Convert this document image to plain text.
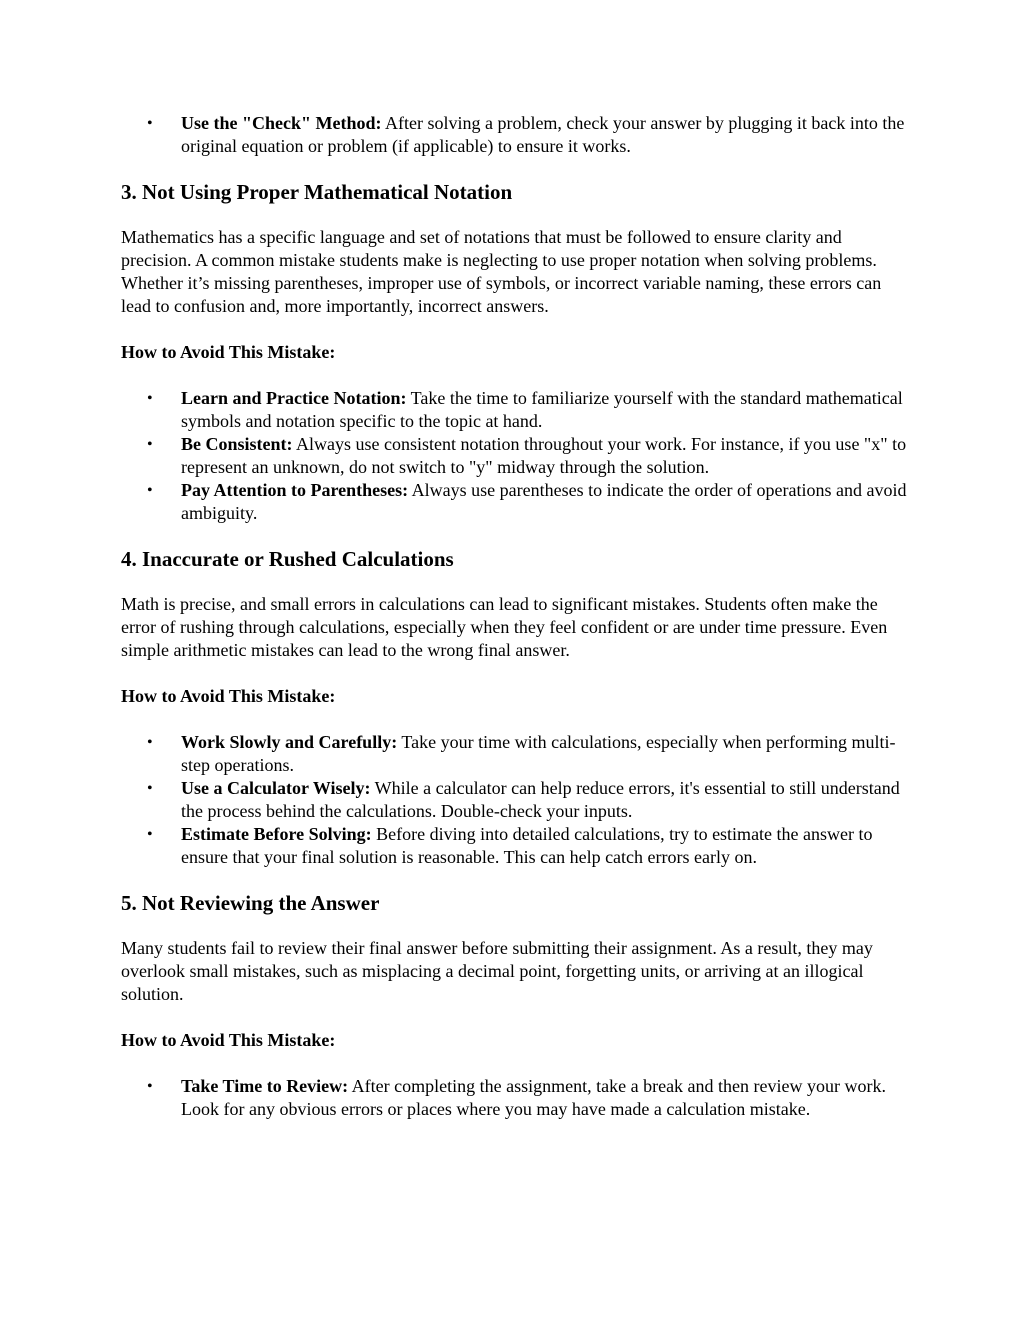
• Use the "Check" Method: After solving a problem, check your answer by plugging it back into the original equation or problem (if applicable) to ensure it works.
3. Not Using Proper Mathematical Notation

Mathematics has a specific language and set of notations that must be followed to ensure clarity and precision. A common mistake students make is neglecting to use proper notation when solving problems. Whether it’s missing parentheses, improper use of symbols, or incorrect variable naming, these errors can lead to confusion and, more importantly, incorrect answers.

How to Avoid This Mistake:

• Learn and Practice Notation: Take the time to familiarize yourself with the standard mathematical symbols and notation specific to the topic at hand.
• Be Consistent: Always use consistent notation throughout your work. For instance, if you use "x" to represent an unknown, do not switch to "y" midway through the solution.
• Pay Attention to Parentheses: Always use parentheses to indicate the order of operations and avoid ambiguity.
4. Inaccurate or Rushed Calculations

Math is precise, and small errors in calculations can lead to significant mistakes. Students often make the error of rushing through calculations, especially when they feel confident or are under time pressure. Even simple arithmetic mistakes can lead to the wrong final answer.

How to Avoid This Mistake:

• Work Slowly and Carefully: Take your time with calculations, especially when performing multi-step operations.
• Use a Calculator Wisely: While a calculator can help reduce errors, it's essential to still understand the process behind the calculations. Double-check your inputs.
• Estimate Before Solving: Before diving into detailed calculations, try to estimate the answer to ensure that your final solution is reasonable. This can help catch errors early on.
5. Not Reviewing the Answer

Many students fail to review their final answer before submitting their assignment. As a result, they may overlook small mistakes, such as misplacing a decimal point, forgetting units, or arriving at an illogical solution.

How to Avoid This Mistake:

• Take Time to Review: After completing the assignment, take a break and then review your work. Look for any obvious errors or places where you may have made a calculation mistake.
